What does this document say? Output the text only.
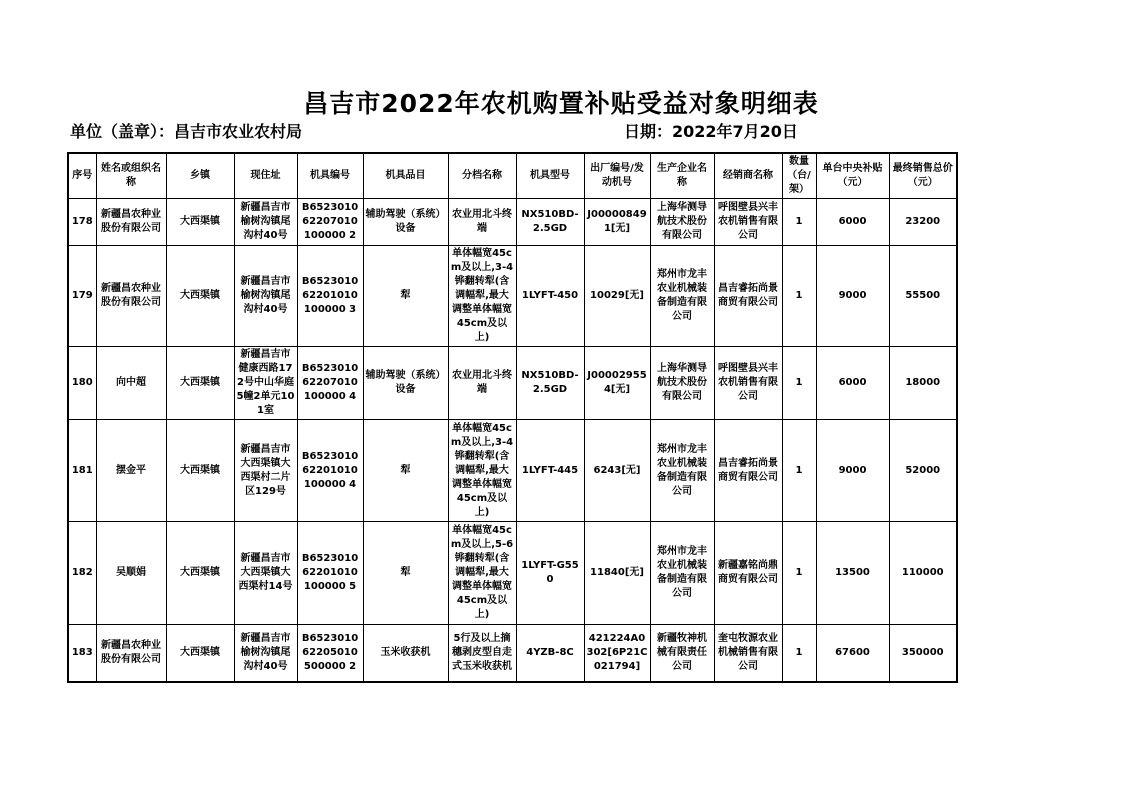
昌吉市2022年农机购置补贴受益对象明细表
单位（盖章）：昌吉市农业农村局	日期：2022年7月20日
序号	姓名或组织名称	乡镇	现住址	机具编号	机具品目	分档名称	机具型号	出厂编号/发动机号	生产企业名称	经销商名称	数量（台/架）	单台中央补贴（元）	最终销售总价（元）
178	新疆昌农种业股份有限公司	大西渠镇	新疆昌吉市榆树沟镇尾沟村40号	B652301062207010100000 2	辅助驾驶（系统）设备	农业用北斗终端	NX510BD-2.5GD	J000008491[无]	上海华测导航技术股份有限公司	呼图壁县兴丰农机销售有限公司	1	6000	23200
179	新疆昌农种业股份有限公司	大西渠镇	新疆昌吉市榆树沟镇尾沟村40号	B652301062201010100000 3	犁	单体幅宽45cm及以上,3-4铧翻转犁(含调幅犁,最大调整单体幅宽45cm及以上)	1LYFT-450	10029[无]	郑州市龙丰农业机械装备制造有限公司	昌吉睿拓尚景商贸有限公司	1	9000	55500
180	向中超	大西渠镇	新疆昌吉市健康西路172号中山华庭5幢2单元101室	B652301062207010100000 4	辅助驾驶（系统）设备	农业用北斗终端	NX510BD-2.5GD	J000029554[无]	上海华测导航技术股份有限公司	呼图壁县兴丰农机销售有限公司	1	6000	18000
181	摆金平	大西渠镇	新疆昌吉市大西渠镇大西渠村二片区129号	B652301062201010100000 4	犁	单体幅宽45cm及以上,3-4铧翻转犁(含调幅犁,最大调整单体幅宽45cm及以上)	1LYFT-445	6243[无]	郑州市龙丰农业机械装备制造有限公司	昌吉睿拓尚景商贸有限公司	1	9000	52000
182	吴顺娟	大西渠镇	新疆昌吉市大西渠镇大西渠村14号	B652301062201010100000 5	犁	单体幅宽45cm及以上,5-6铧翻转犁(含调幅犁,最大调整单体幅宽45cm及以上)	1LYFT-G550	11840[无]	郑州市龙丰农业机械装备制造有限公司	新疆嘉铭尚鼎商贸有限公司	1	13500	110000
183	新疆昌农种业股份有限公司	大西渠镇	新疆昌吉市榆树沟镇尾沟村40号	B652301062205010500000 2	玉米收获机	5行及以上摘穗剥皮型自走式玉米收获机	4YZB-8C	421224A0302[6P21C021794]	新疆牧神机械有限责任公司	奎屯牧源农业机械销售有限公司	1	67600	350000
